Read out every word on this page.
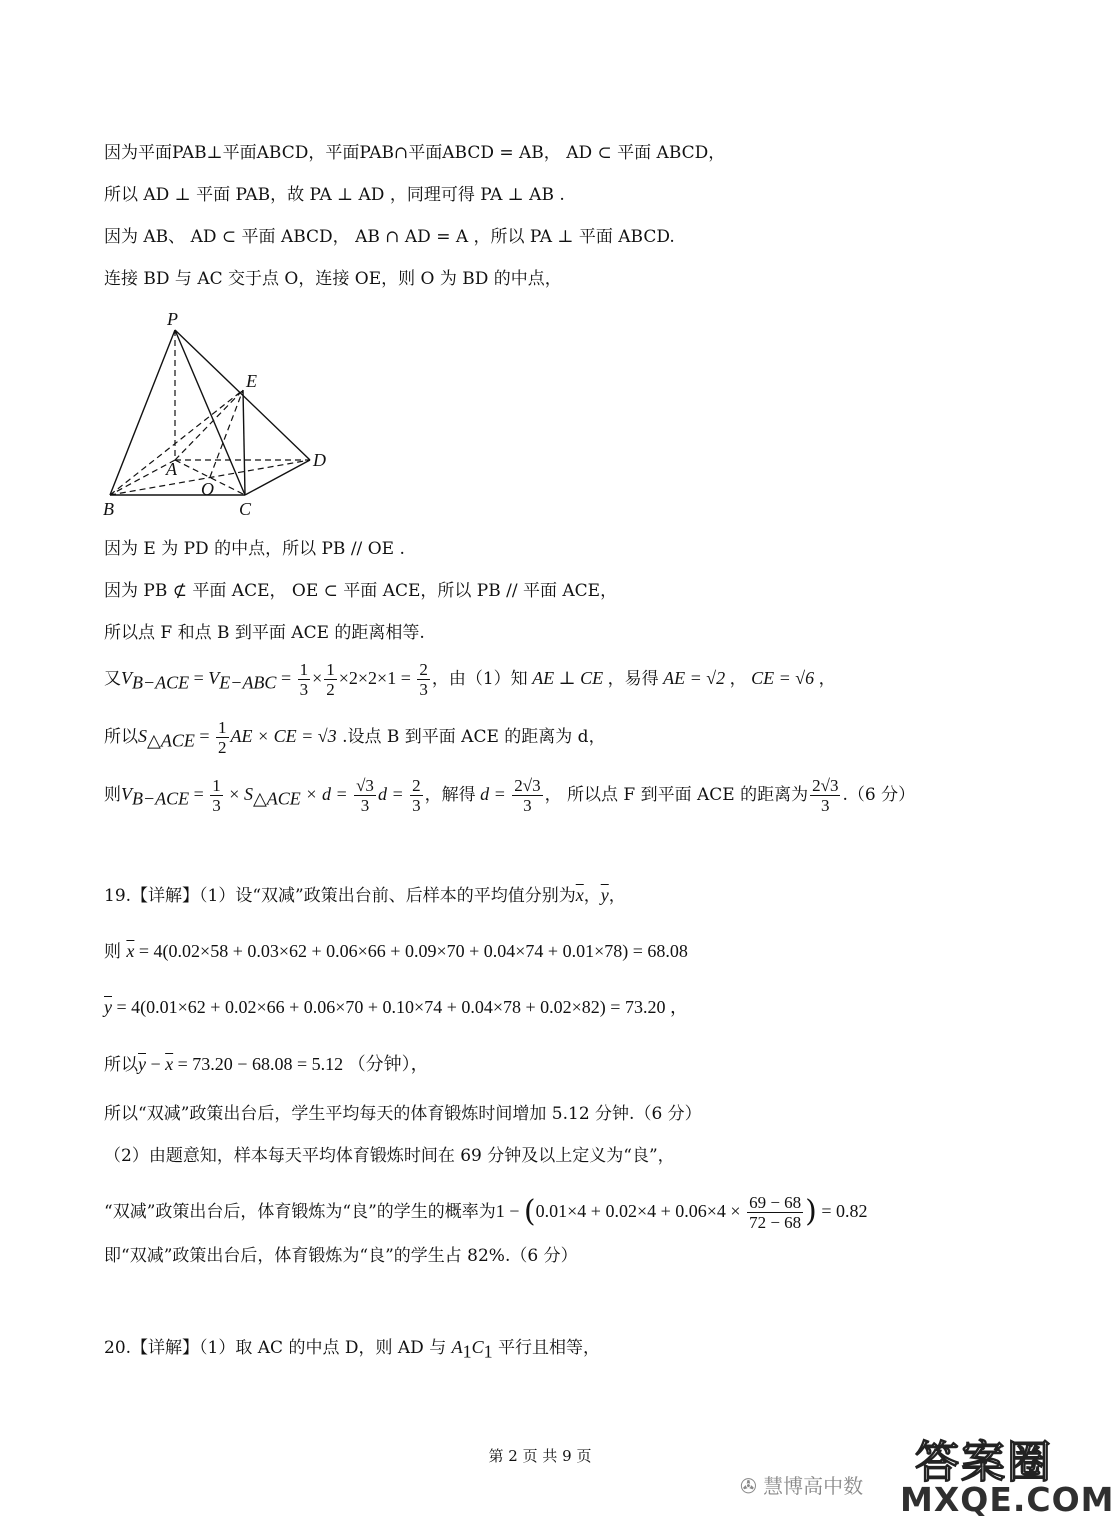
因为平面PAB⊥平面ABCD，平面PAB∩平面ABCD = AB， AD ⊂ 平面 ABCD，
所以 AD ⊥ 平面 PAB，故 PA ⊥ AD ，同理可得 PA ⊥ AB .
因为 AB、 AD ⊂ 平面 ABCD， AB ∩ AD = A ，所以 PA ⊥ 平面 ABCD.
连接 BD 与 AC 交于点 O，连接 OE，则 O 为 BD 的中点，
P
E
A	D
O
B	C
因为 E 为 PD 的中点，所以 PB // OE .
因为 PB ⊄ 平面 ACE， OE ⊂ 平面 ACE，所以 PB // 平面 ACE，
所以点 F 和点 B 到平面 ACE 的距离相等.
又$V_{B-ACE} = V_{E-ABC} = \frac{1}{3} \times \frac{1}{2} \times 2\times 2\times 1 = \frac{2}{3}$ ，由（1）知 AE ⊥ CE ，易得 AE = √2 ， CE = √6 ，
所以$S_{\triangle ACE} = \frac{1}{2}$ AE × CE = √3 .设点 B 到平面 ACE 的距离为 d，
则$V_{B-ACE} = \frac{1}{3} \times S_{\triangle ACE} \times d = \frac{√3}{3}$ $d = \frac{2}{3}$ ，解得 $d = \frac{2√3}{3}$ ， 所以点 F 到平面 ACE 的距离为 $\frac{2√3}{3} .(6$ 分）
19.【详解】（1）设“双减”政策出台前、后样本的平均值分别为$\overline{x}$，$\overline{y}$，
则 $\overline{x} = 4(0.02\times 58 + 0.03\times 62 + 0.06\times 66 + 0.09\times 70 + 0.04\times 74 + 0.01\times 78) = 68.08$
$\overline{y} = 4(0.01\times 62 + 0.02\times 66 + 0.06\times 70 + 0.10\times 74 + 0.04\times 78 + 0.02\times 82) = 73.20$ ，
所以$\overline{y} - \overline{x} = 73.20 - 68.08 = 5.12$ （分钟），
所以“双减”政策出台后，学生平均每天的体育锻炼时间增加 5.12 分钟.（6 分）
（2）由题意知，样本每天平均体育锻炼时间在 69 分钟及以上定义为“良”，
“双减”政策出台后，体育锻炼为“良”的学生的概率为$1 - (0.01\times 4 + 0.02\times 4 + 0.06\times 4 \times \frac{69 - 68}{72 - 68}$ ) = 0.82
即“双减”政策出台后，体育锻炼为“良”的学生占 82%.（6 分）
20.【详解】（1）取 AC 的中点 D，则 AD 与 $A_1C_1$ 平行且相等，
第 2 页 共 9 页
✇ 慧博高中数 答案圈
MXQE.COM
